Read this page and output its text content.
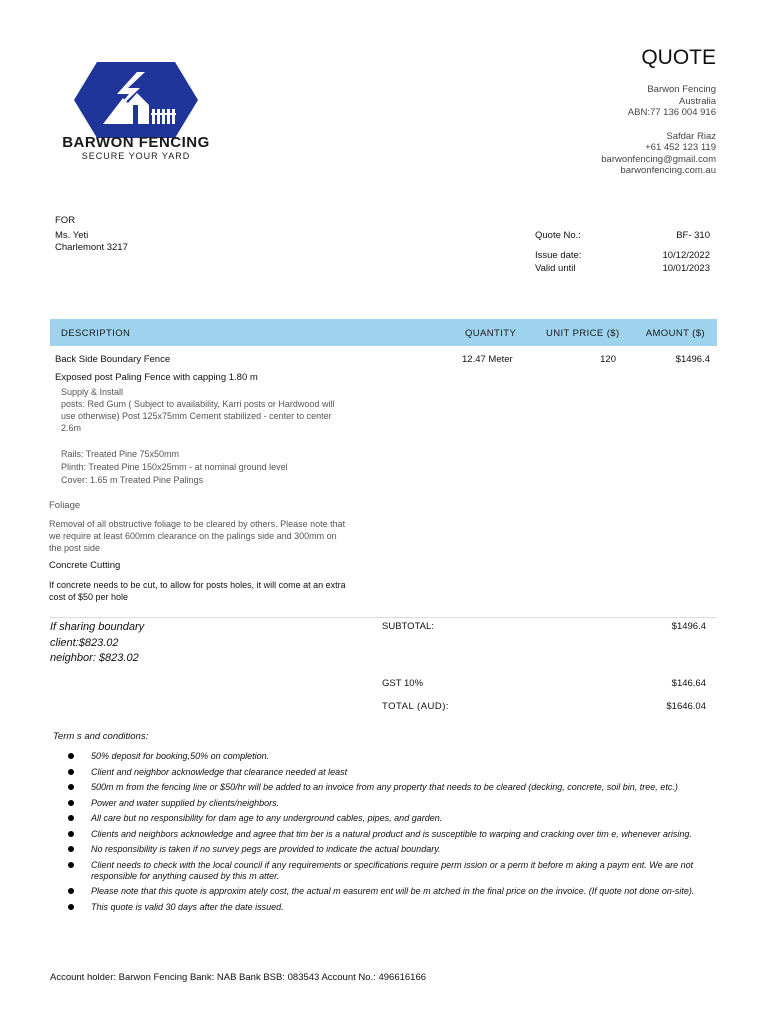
BARWON FENCING
SECURE YOUR YARD
QUOTE
Barwon Fencing
Australia
ABN:77 136 004 916
Safdar Riaz
+61 452 123 119
barwonfencing@gmail.com
barwonfencing.com.au
FOR
Ms. Yeti
Charlemont 3217
Quote No.:	BF- 310
Issue date:	10/12/2022
Valid until	10/01/2023
DESCRIPTION	QUANTITY	UNIT PRICE ($)	AMOUNT ($)
Back Side Boundary Fence	12.47 Meter	120	$1496.4
Exposed post Paling Fence with capping 1.80 m
Supply & Install
posts: Red Gum ( Subject to availability, Karri posts or Hardwood will
use otherwise) Post 125x75mm Cement stabilized - center to center
2.6m
Rails: Treated Pine 75x50mm
Plinth: Treated Pine 150x25mm - at nominal ground level
Cover: 1.65 m Treated Pine Palings
Foliage
Removal of all obstructive foliage to be cleared by others. Please note that
we require at least 600mm clearance on the palings side and 300mm on
the post side
Concrete Cutting
If concrete needs to be cut, to allow for posts holes, it will come at an extra
cost of $50 per hole
If sharing boundary
client:$823.02
neighbor: $823.02
SUBTOTAL:	$1496.4
GST 10%	$146.64
TOTAL (AUD):	$1646.04
Term s and conditions:
50% deposit for booking,50% on completion.
Client and neighbor acknowledge that clearance needed at least
500m m from the fencing line or $50/hr will be added to an invoice from any property that needs to be cleared (decking, concrete, soil bin, tree, etc.)
Power and water supplied by clients/neighbors.
All care but no responsibility for dam age to any underground cables, pipes, and garden.
Clients and neighbors acknowledge and agree that tim ber is a natural product and is susceptible to warping and cracking over tim e, whenever arising.
No responsibility is taken if no survey pegs are provided to indicate the actual boundary.
Client needs to check with the local council if any requirements or specifications require perm ission or a perm it before m aking a paym ent. We are not responsible for anything caused by this m atter.
Please note that this quote is approxim ately cost, the actual m easurem ent will be m atched in the final price on the invoice. (If quote not done on-site).
This quote is valid 30 days after the date issued.
Account holder: Barwon Fencing Bank: NAB Bank BSB: 083543 Account No.: 496616166
